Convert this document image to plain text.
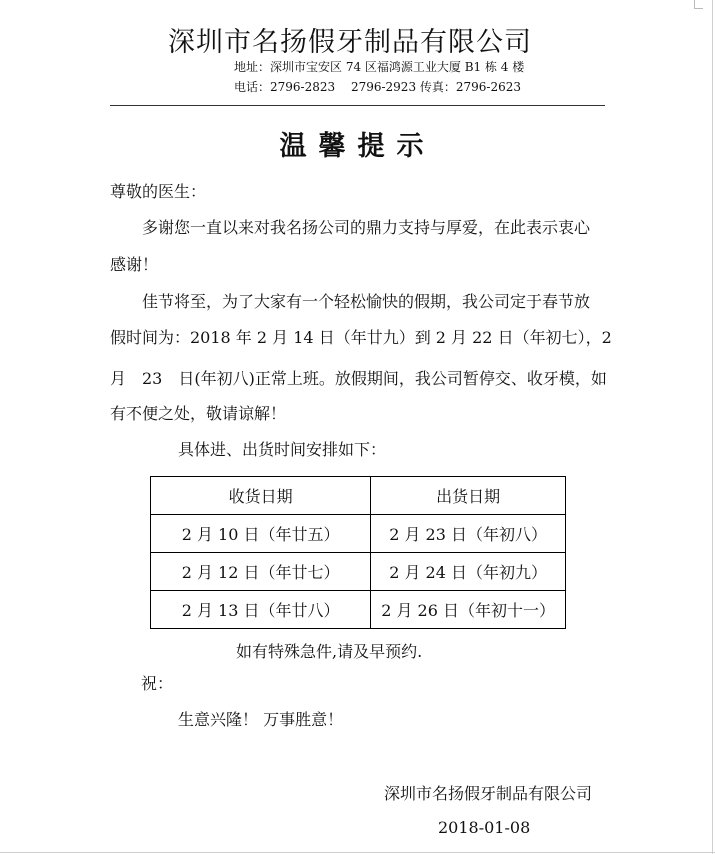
深圳市名扬假牙制品有限公司
地址：深圳市宝安区 74 区福鸿源工业大厦 B1 栋 4 楼
电话：2796-2823　 2796-2923 传真：2796-2623
温馨提示
尊敬的医生：
多谢您一直以来对我名扬公司的鼎力支持与厚爱，在此表示衷心
感谢！
佳节将至，为了大家有一个轻松愉快的假期，我公司定于春节放
假时间为：2018 年 2 月 14 日（年廿九）到 2 月 22 日（年初七），2
月　23　日(年初八)正常上班。放假期间，我公司暂停交、收牙模，如
有不便之处，敬请谅解！
具体进、出货时间安排如下：
收货日期	出货日期
2 月 10 日（年廿五）	2 月 23 日（年初八）
2 月 12 日（年廿七）	2 月 24 日（年初九）
2 月 13 日（年廿八）	2 月 26 日（年初十一）
如有特殊急件,请及早预约.
祝：
生意兴隆！ 万事胜意！
深圳市名扬假牙制品有限公司
2018-01-08
